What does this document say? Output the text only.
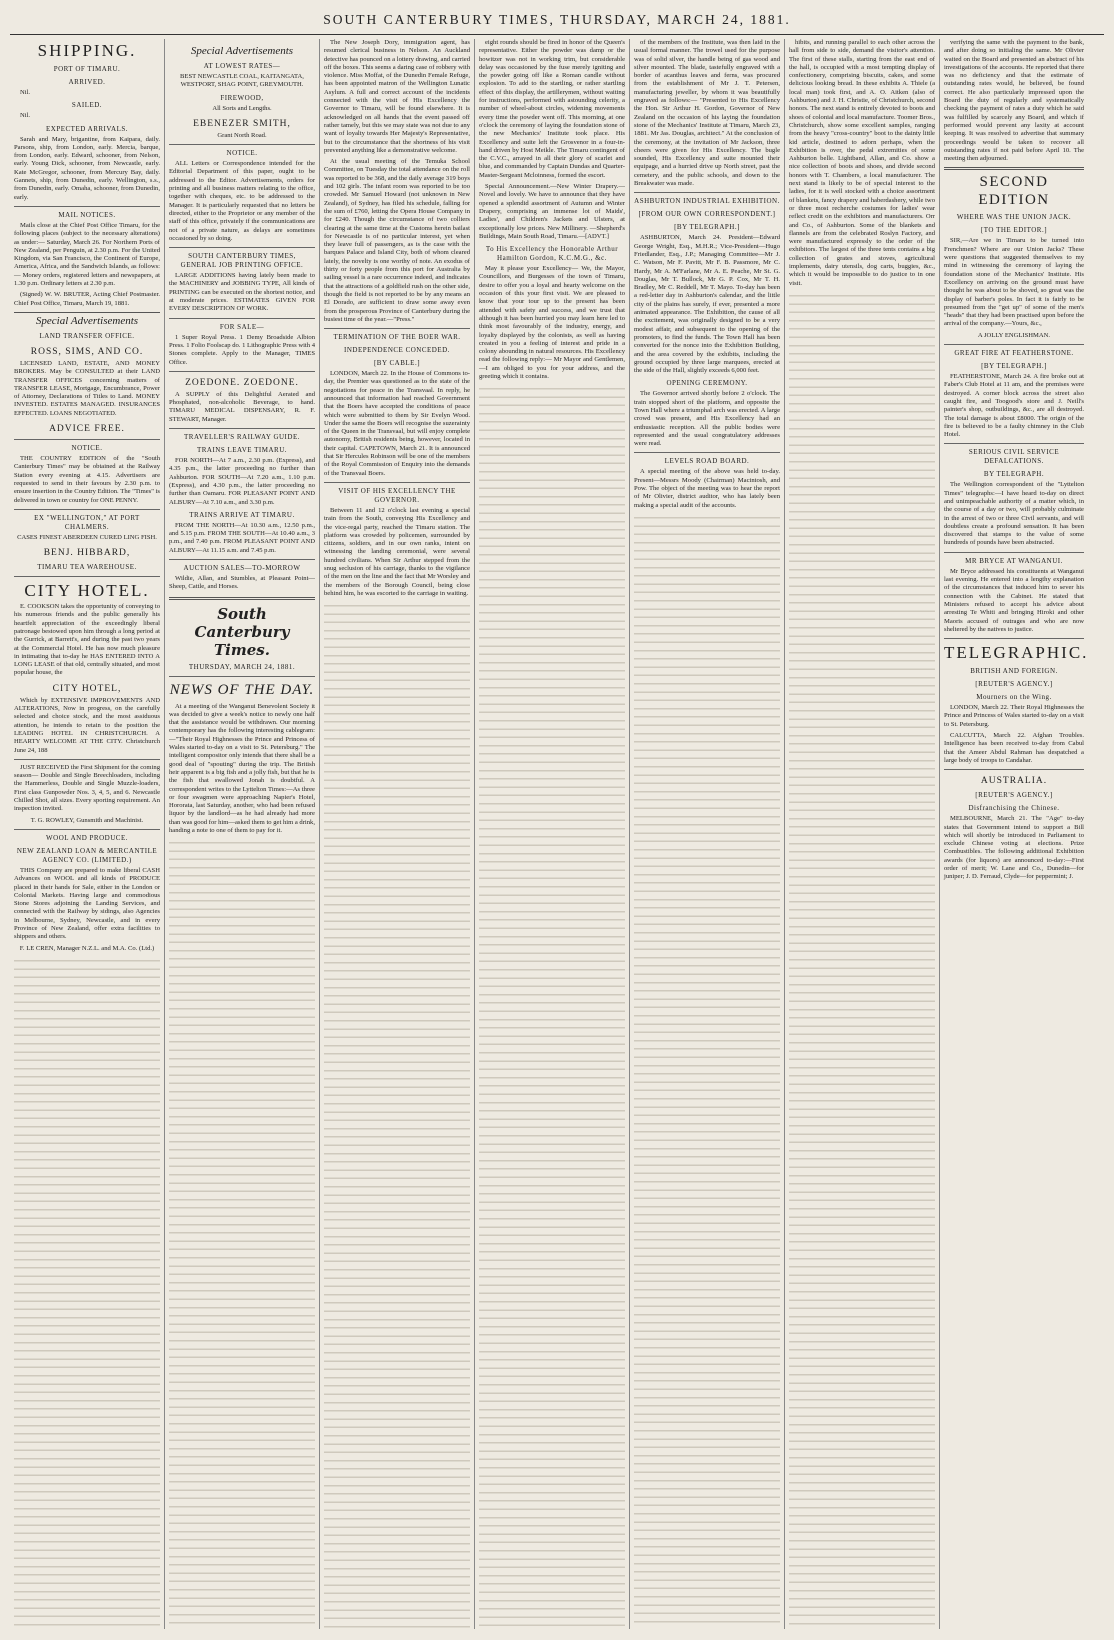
SOUTH CANTERBURY TIMES, THURSDAY, MARCH 24, 1881.
SHIPPING.
PORT OF TIMARU.
ARRIVED.

Nil.

SAILED.

Nil.

EXPECTED ARRIVALS.

Sarah and Mary, brigantine, from Kaipara, daily. Parsons, ship, from London, early. Mercia, barque, from London, early. Edward, schooner, from Nelson, early. Young Dick, schooner, from Newcastle, early. Kate McGregor, schooner, from Mercury Bay, daily. Gannets, ship, from Dunedin, early. Wellington, s.s., from Dunedin, early. Omaha, schooner, from Dunedin, early.

MAIL NOTICES.

Mails close at the Chief Post Office Timaru, for the following places (subject to the necessary alterations) as under:— Saturday, March 26. For Northern Ports of New Zealand, per Penguin, at 2.30 p.m. For the United Kingdom, via San Francisco, the Continent of Europe, America, Africa, and the Sandwich Islands, as follows:— Money orders, registered letters and newspapers, at 1.30 p.m. Ordinary letters at 2.30 p.m.

(Signed) W. W. BRUTER, Acting Chief Postmaster. Chief Post Office, Timaru, March 19, 1881.

Special Advertisements
LAND TRANSFER OFFICE.
ROSS, SIMS, AND CO.

LICENSED LAND, ESTATE, AND MONEY BROKERS. May be CONSULTED at their LAND TRANSFER OFFICES concerning matters of TRANSFER LEASE, Mortgage, Encumbrance, Power of Attorney, Declarations of Titles to Land. MONEY INVESTED. ESTATES MANAGED. INSURANCES EFFECTED. LOANS NEGOTIATED.

ADVICE FREE.
NOTICE.

THE COUNTRY EDITION of the "South Canterbury Times" may be obtained at the Railway Station every evening at 4.15. Advertisers are requested to send in their favours by 2.30 p.m. to ensure insertion in the Country Edition. The "Times" is delivered in town or country for ONE PENNY.

EX "WELLINGTON," AT PORT CHALMERS.

CASES FINEST ABERDEEN CURED LING FISH.

BENJ. HIBBARD,
TIMARU TEA WAREHOUSE.
CITY HOTEL.

E. COOKSON takes the opportunity of conveying to his numerous friends and the public generally his heartfelt appreciation of the exceedingly liberal patronage bestowed upon him through a long period at the Gurrick, at Barrett's, and during the past two years at the Commercial Hotel. He has now much pleasure in intimating that to-day he HAS ENTERED INTO A LONG LEASE of that old, centrally situated, and most popular house, the

CITY HOTEL,

Which by EXTENSIVE IMPROVEMENTS AND ALTERATIONS, Now in progress, on the carefully selected and choice stock, and the most assiduous attention, he intends to retain to the position the LEADING HOTEL IN CHRISTCHURCH. A HEARTY WELCOME AT THE CITY. Christchurch June 24, 188

JUST RECEIVED the First Shipment for the coming season— Double and Single Breechloaders, including the Hammerless, Double and Single Muzzle-loaders, First class Gunpowder Nos. 3, 4, 5, and 6. Newcastle Chilled Shot, all sizes. Every sporting requirement. An inspection invited.

T. G. ROWLEY, Gunsmith and Machinist.

WOOL AND PRODUCE.
NEW ZEALAND LOAN & MERCANTILE AGENCY CO. (LIMITED.)

THIS Company are prepared to make liberal CASH Advances on WOOL and all kinds of PRODUCE placed in their hands for Sale, either in the London or Colonial Markets. Having large and commodious Stone Stores adjoining the Landing Services, and connected with the Railway by sidings, also Agencies in Melbourne, Sydney, Newcastle, and in every Province of New Zealand, offer extra facilities to shippers and others.

F. LE CREN, Manager N.Z.L. and M.A. Co. (Ltd.)

Special Advertisements
AT LOWEST RATES—

BEST NEWCASTLE COAL, KAITANGATA, WESTPORT, SHAG POINT, GREYMOUTH.

FIREWOOD,

All Sorts and Lengths.

EBENEZER SMITH,

Grant North Road.

NOTICE.

ALL Letters or Correspondence intended for the Editorial Department of this paper, ought to be addressed to the Editor. Advertisements, orders for printing and all business matters relating to the office, together with cheques, etc. to be addressed to the Manager. It is particularly requested that no letters be directed, either to the Proprietor or any member of the staff of this office, privately if the communications are not of a private nature, as delays are sometimes occasioned by so doing.

SOUTH CANTERBURY TIMES, GENERAL JOB PRINTING OFFICE.

LARGE ADDITIONS having lately been made to the MACHINERY and JOBBING TYPE, All kinds of PRINTING can be executed on the shortest notice, and at moderate prices. ESTIMATES GIVEN FOR EVERY DESCRIPTION OF WORK.

FOR SALE—

1 Super Royal Press. 1 Demy Broadside Albion Press. 1 Folio Foolscap do. 1 Lithographic Press with 4 Stones complete. Apply to the Manager, TIMES Office.

ZOEDONE. ZOEDONE.

A SUPPLY of this Delightful Aerated and Phosphated, non-alcoholic Beverage, to hand. TIMARU MEDICAL DISPENSARY, R. F. STEWART, Manager.

TRAVELLER'S RAILWAY GUIDE.
TRAINS LEAVE TIMARU.

FOR NORTH—At 7 a.m., 2.30 p.m. (Express), and 4.35 p.m., the latter proceeding no further than Ashburton. FOR SOUTH—At 7.20 a.m., 1.10 p.m. (Express), and 4.30 p.m., the latter proceeding no further than Oamaru. FOR PLEASANT POINT AND ALBURY—At 7.10 a.m., and 3.30 p.m.

TRAINS ARRIVE AT TIMARU.

FROM THE NORTH—At 10.30 a.m., 12.50 p.m., and 5.15 p.m. FROM THE SOUTH—At 10.40 a.m., 3 p.m., and 7.40 p.m. FROM PLEASANT POINT AND ALBURY—At 11.15 a.m. and 7.45 p.m.

AUCTION SALES—TO-MORROW

Wildie, Allan, and Stumbles, at Pleasant Point—Sheep, Cattle, and Horses.

South Canterbury Times.
THURSDAY, MARCH 24, 1881.
NEWS OF THE DAY.

At a meeting of the Wanganui Benevolent Society it was decided to give a week's notice to newly one half that the assistance would be withdrawn. Our morning contemporary has the following interesting cablegram:—"Their Royal Highnesses the Prince and Princess of Wales started to-day on a visit to St. Petersburg." The intelligent compositor only intends that there shall be a good deal of "spouting" during the trip. The British heir apparent is a big fish and a jolly fish, but that he is the fish that swallowed Jonah is doubtful. A correspondent writes to the Lyttelton Times:—As three or four swagmen were approaching Napier's Hotel, Hororata, last Saturday, another, who had been refused liquor by the landlord—as he had already had more than was good for him—asked them to get him a drink, handing a note to one of them to pay for it.

The New Joseph Dory, immigration agent, has resumed clerical business in Nelson. An Auckland detective has pounced on a lottery drawing, and carried off the boxes. This seems a daring case of robbery with violence. Miss Moffat, of the Dunedin Female Refuge, has been appointed matron of the Wellington Lunatic Asylum. A full and correct account of the incidents connected with the visit of His Excellency the Governor to Timaru, will be found elsewhere. It is acknowledged on all hands that the event passed off rather tamely, but this we may state was not due to any want of loyalty towards Her Majesty's Representative, but to the circumstance that the shortness of his visit prevented anything like a demonstrative welcome.

At the usual meeting of the Temuka School Committee, on Tuesday the total attendance on the roll was reported to be 368, and the daily average 319 boys and 102 girls. The infant room was reported to be too crowded. Mr Samuel Howard (not unknown in New Zealand), of Sydney, has filed his schedule, falling for the sum of £760, letting the Opera House Company in for £240. Though the circumstance of two colliers clearing at the same time at the Customs herein bailast for Newcastle is of no particular interest, yet when they leave full of passengers, as is the case with the barques Palace and Island City, both of whom cleared lately, the novelty is one worthy of note. An exodus of thirty or forty people from this port for Australia by sailing vessel is a rare occurrence indeed, and indicates that the attractions of a goldfield rush on the other side, though the field is not reported to be by any means an El Dorado, are sufficient to draw some away even from the prosperous Province of Canterbury during the busiest time of the year.—"Press."

TERMINATION OF THE BOER WAR.
INDEPENDENCE CONCEDED.
[BY CABLE.]

LONDON, March 22. In the House of Commons to-day, the Premier was questioned as to the state of the negotiations for peace in the Transvaal. In reply, he announced that information had reached Government that the Boers have accepted the conditions of peace which were submitted to them by Sir Evelyn Wood. Under the same the Boers will recognise the suzerainty of the Queen in the Transvaal, but will enjoy complete autonomy, British residents being, however, located in their capital. CAPETOWN, March 21. It is announced that Sir Hercules Robinson will be one of the members of the Royal Commission of Enquiry into the demands of the Transvaal Boers.

VISIT OF HIS EXCELLENCY THE GOVERNOR.

Between 11 and 12 o'clock last evening a special train from the South, conveying His Excellency and the vice-regal party, reached the Timaru station. The platform was crowded by policemen, surrounded by citizens, soldiers, and in our own ranks, intent on witnessing the landing ceremonial, were several hundred civilians. When Sir Arthur stepped from the snug seclusion of his carriage, thanks to the vigilance of the men on the line and the fact that Mr Worsley and the members of the Borough Council, being close behind him, he was escorted to the carriage in waiting.

eight rounds should be fired in honor of the Queen's representative. Either the powder was damp or the howitzer was not in working trim, but considerable delay was occasioned by the fuse merely igniting and the powder going off like a Roman candle without explosion. To add to the startling, or rather startling effect of this display, the artillerymen, without waiting for instructions, performed with astounding celerity, a number of wheel-about circles, widening movements every time the powder went off. This morning, at one o'clock the ceremony of laying the foundation stone of the new Mechanics' Institute took place. His Excellency and suite left the Grosvenor in a four-in-hand driven by Host Meikle. The Timaru contingent of the C.V.C., arrayed in all their glory of scarlet and blue, and commanded by Captain Dundas and Quarter-Master-Sergeant Mcloinness, formed the escort.

Special Announcement.—New Winter Drapery.—Novel and lovely. We have to announce that they have opened a splendid assortment of Autumn and Winter Drapery, comprising an immense lot of Maids', Ladies', and Children's Jackets and Ulsters, at exceptionally low prices. New Millinery. —Shepherd's Buildings, Main South Road, Timaru.—[ADVT.]

To His Excellency the Honorable Arthur Hamilton Gordon, K.C.M.G., &c.

May it please your Excellency— We, the Mayor, Councillors, and Burgesses of the town of Timaru, desire to offer you a loyal and hearty welcome on the occasion of this your first visit. We are pleased to know that your tour up to the present has been attended with safety and success, and we trust that although it has been hurried you may learn here led to think most favourably of the industry, energy, and loyalty displayed by the colonists, as well as having created in you a feeling of interest and pride in a colony abounding in natural resources. His Excellency read the following reply:— Mr Mayor and Gentlemen,—I am obliged to you for your address, and the greeting which it contains.

of the members of the Institute, was then laid in the usual formal manner. The trowel used for the purpose was of solid silver, the handle being of gas wood and silver mounted. The blade, tastefully engraved with a border of acanthus leaves and ferns, was procured from the establishment of Mr J. T. Petersen, manufacturing jeweller, by whom it was beautifully engraved as follows:— "Presented to His Excellency the Hon. Sir Arthur H. Gordon, Governor of New Zealand on the occasion of his laying the foundation stone of the Mechanics' Institute at Timaru, March 23, 1881. Mr Jas. Douglas, architect." At the conclusion of the ceremony, at the invitation of Mr Jackson, three cheers were given for His Excellency. The bugle sounded, His Excellency and suite mounted their equipage, and a hurried drive up North street, past the cemetery, and the public schools, and down to the Breakwater was made.

ASHBURTON INDUSTRIAL EXHIBITION.
[FROM OUR OWN CORRESPONDENT.]
[BY TELEGRAPH.]

ASHBURTON, March 24. President—Edward George Wright, Esq., M.H.R.; Vice-President—Hugo Friedlander, Esq., J.P.; Managing Committee—Mr J. C. Watson, Mr F. Pavitt, Mr F. B. Passmore, Mr C. Hardy, Mr A. M'Farlane, Mr A. E. Peache, Mr St. G. Douglas, Mr T. Bullock, Mr G. P. Cox, Mr T. H. Bradley, Mr C. Reddell, Mr T. Mayo. To-day has been a red-letter day in Ashburton's calendar, and the little city of the plains has surely, if ever, presented a more animated appearance. The Exhibition, the cause of all the excitement, was originally designed to be a very modest affair, and subsequent to the opening of the promoters, to find the funds. The Town Hall has been converted for the nonce into the Exhibition Building, and the area covered by the exhibits, including the ground occupied by three large marquees, erected at the side of the Hall, slightly exceeds 6,000 feet.

OPENING CEREMONY.

The Governor arrived shortly before 2 o'clock. The train stopped short of the platform, and opposite the Town Hall where a triumphal arch was erected. A large crowd was present, and His Excellency had an enthusiastic reception. All the public bodies were represented and the usual congratulatory addresses were read.

LEVELS ROAD BOARD.

A special meeting of the above was held to-day. Present—Messrs Moody (Chairman) Macintosh, and Pow. The object of the meeting was to hear the report of Mr Olivier, district auditor, who has lately been making a special audit of the accounts.

hibits, and running parallel to each other across the hall from side to side, demand the visitor's attention. The first of these stalls, starting from the east end of the hall, is occupied with a most tempting display of confectionery, comprising biscuits, cakes, and some delicious looking bread. In these exhibits A. Thiele (a local man) took first, and A. O. Aitken (also of Ashburton) and J. H. Christie, of Christchurch, second honors. The next stand is entirely devoted to boots and shoes of colonial and local manufacture. Toomer Bros., Christchurch, show some excellent samples, ranging from the heavy "cross-country" boot to the dainty little kid article, destined to adorn perhaps, when the Exhibition is over, the pedal extremities of some Ashburton belle. Lightband, Allan, and Co. show a nice collection of boots and shoes, and divide second honors with T. Chambers, a local manufacturer. The next stand is likely to be of special interest to the ladies, for it is well stocked with a choice assortment of blankets, fancy drapery and haberdashery, while two or three most recherche costumes for ladies' wear reflect credit on the exhibitors and manufacturers. Orr and Co., of Ashburton. Some of the blankets and flannels are from the celebrated Roslyn Factory, and were manufactured expressly to the order of the exhibitors. The largest of the three tents contains a big collection of grates and stoves, agricultural implements, dairy utensils, dog carts, buggies, &c., which it would be impossible to do justice to in one visit.

verifying the same with the payment to the bank, and after doing so initialing the same. Mr Olivier waited on the Board and presented an abstract of his investigations of the accounts. He reported that there was no deficiency and that the estimate of outstanding rates would, he believed, be found correct. He also particularly impressed upon the Board the duty of regularly and systematically checking the payment of rates a duty which he said was fulfilled by scarcely any Board, and which if performed would prevent any laxity at account keeping. It was resolved to advertise that summary proceedings would be taken to recover all outstanding rates if not paid before April 10. The meeting then adjourned.

SECOND EDITION
WHERE WAS THE UNION JACK.
[TO THE EDITOR.]

SIR,—Are we in Timaru to be turned into Frenchmen? Where are our Union Jacks? These were questions that suggested themselves to my mind in witnessing the ceremony of laying the foundation stone of the Mechanics' Institute. His Excellency on arriving on the ground must have thought he was about to be shoved, so great was the display of barber's poles. In fact it is fairly to be presumed from the "get up" of some of the men's "heads" that they had been practised upon before the arrival of the company.—Yours, &c.,

A JOLLY ENGLISHMAN.

GREAT FIRE AT FEATHERSTONE.
[BY TELEGRAPH.]

FEATHERSTONE, March 24. A fire broke out at Faber's Club Hotel at 11 am, and the premises were destroyed. A corner block across the street also caught fire, and Toogood's store and J. Neill's painter's shop, outbuildings, &c., are all destroyed. The total damage is about £8000. The origin of the fire is believed to be a faulty chimney in the Club Hotel.

SERIOUS CIVIL SERVICE DEFALCATIONS.
BY TELEGRAPH.

The Wellington correspondent of the "Lyttelton Times" telegraphs:—I have heard to-day on direct and unimpeachable authority of a matter which, in the course of a day or two, will probably culminate in the arrest of two or three Civil servants, and will doubtless create a profound sensation. It has been discovered that stamps to the value of some hundreds of pounds have been abstracted.

MR BRYCE AT WANGANUI.

Mr Bryce addressed his constituents at Wanganui last evening. He entered into a lengthy explanation of the circumstances that induced him to sever his connection with the Cabinet. He stated that Ministers refused to accept his advice about arresting Te Whiti and bringing Hiroki and other Maoris accused of outrages and who are now sheltered by the natives to justice.

TELEGRAPHIC.
BRITISH AND FOREIGN.
[REUTER'S AGENCY.]
Mourners on the Wing.

LONDON, March 22. Their Royal Highnesses the Prince and Princess of Wales started to-day on a visit to St. Petersburg.

CALCUTTA, March 22. Afghan Troubles. Intelligence has been received to-day from Cabul that the Ameer Abdul Rahman has despatched a large body of troops to Candahar.

AUSTRALIA.
[REUTER'S AGENCY.]
Disfranchising the Chinese.

MELBOURNE, March 21. The "Age" to-day states that Government intend to support a Bill which will shortly be introduced in Parliament to exclude Chinese voting at elections. Prize Combustibles. The following additional Exhibition awards (for liquors) are announced to-day:—First order of merit; W. Lane and Co., Dunedin—for juniper; J. D. Ferraud, Clyde—for peppermint; J.
